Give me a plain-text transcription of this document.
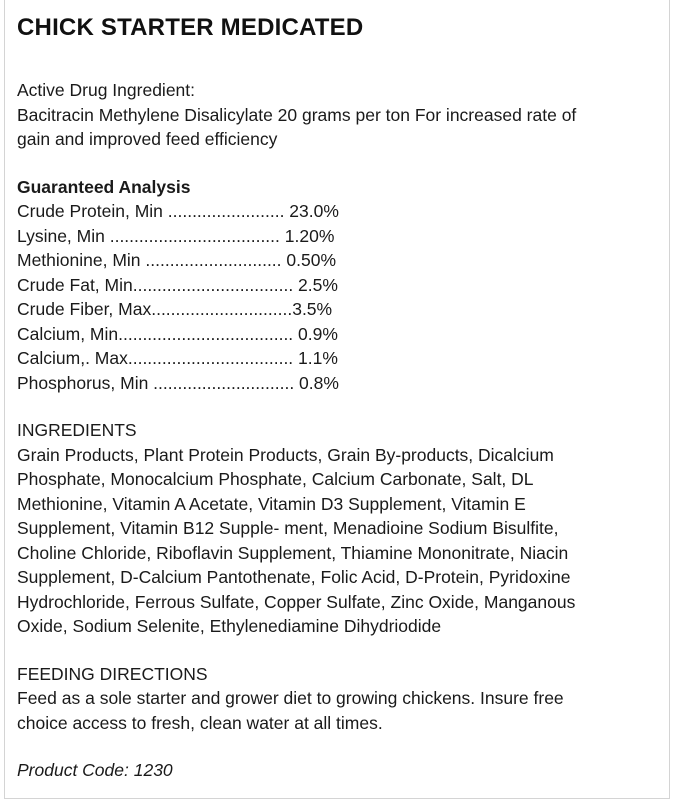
CHICK STARTER MEDICATED

Active Drug Ingredient:

Bacitracin Methylene Disalicylate 20 grams per ton For increased rate of
gain and improved feed efficiency

Guaranteed Analysis
Crude Protein, Min ........................ 23.0%
Lysine, Min ................................... 1.20%
Methionine, Min ............................ 0.50%
Crude Fat, Min................................. 2.5%
Crude Fiber, Max.............................3.5%
Calcium, Min.................................... 0.9%
Calcium,. Max.................................. 1.1%
Phosphorus, Min ............................. 0.8%

INGREDIENTS

Grain Products, Plant Protein Products, Grain By-products, Dicalcium
Phosphate, Monocalcium Phosphate, Calcium Carbonate, Salt, DL
Methionine, Vitamin A Acetate, Vitamin D3 Supplement, Vitamin E
Supplement, Vitamin B12 Supple- ment, Menadioine Sodium Bisulfite,
Choline Chloride, Riboflavin Supplement, Thiamine Mononitrate, Niacin
Supplement, D-Calcium Pantothenate, Folic Acid, D-Protein, Pyridoxine
Hydrochloride, Ferrous Sulfate, Copper Sulfate, Zinc Oxide, Manganous
Oxide, Sodium Selenite, Ethylenediamine Dihydriodide

FEEDING DIRECTIONS

Feed as a sole starter and grower diet to growing chickens. Insure free
choice access to fresh, clean water at all times.

Product Code: 1230
